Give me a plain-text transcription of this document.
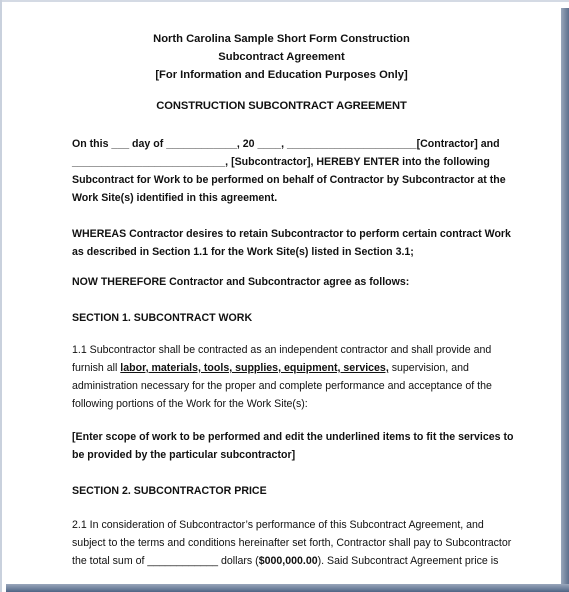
North Carolina Sample Short Form Construction
Subcontract Agreement
[For Information and Education Purposes Only]
CONSTRUCTION SUBCONTRACT AGREEMENT
On this ___ day of ____________, 20 ____, ______________________[Contractor] and
__________________________, [Subcontractor], HEREBY ENTER into the following
Subcontract for Work to be performed on behalf of Contractor by Subcontractor at the
Work Site(s) identified in this agreement.
WHEREAS Contractor desires to retain Subcontractor to perform certain contract Work
as described in Section 1.1 for the Work Site(s) listed in Section 3.1;
NOW THEREFORE Contractor and Subcontractor agree as follows:
SECTION 1. SUBCONTRACT WORK
1.1 Subcontractor shall be contracted as an independent contractor and shall provide and
furnish all labor, materials, tools, supplies, equipment, services, supervision, and
administration necessary for the proper and complete performance and acceptance of the
following portions of the Work for the Work Site(s):
[Enter scope of work to be performed and edit the underlined items to fit the services to
be provided by the particular subcontractor]
SECTION 2. SUBCONTRACTOR PRICE
2.1 In consideration of Subcontractor’s performance of this Subcontract Agreement, and
subject to the terms and conditions hereinafter set forth, Contractor shall pay to Subcontractor
the total sum of ____________ dollars ($000,000.00). Said Subcontract Agreement price is
